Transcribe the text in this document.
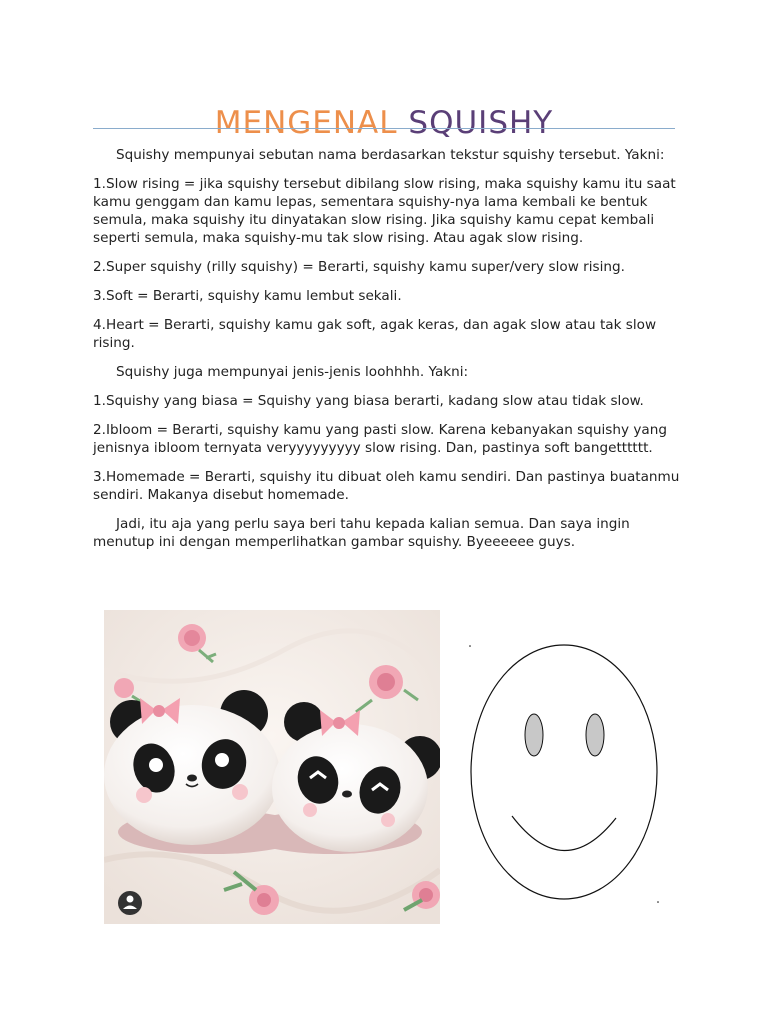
MENGENAL SQUISHY

Squishy mempunyai sebutan nama berdasarkan tekstur squishy tersebut. Yakni:

1.Slow rising = jika squishy tersebut dibilang slow rising, maka squishy kamu itu saat kamu genggam dan kamu lepas, sementara squishy-nya lama kembali ke bentuk semula, maka squishy itu dinyatakan slow rising. Jika squishy kamu cepat kembali seperti semula, maka squishy-mu tak slow rising. Atau agak slow rising.

2.Super squishy (rilly squishy) = Berarti, squishy kamu super/very slow rising.

3.Soft = Berarti, squishy kamu lembut sekali.

4.Heart = Berarti, squishy kamu gak soft, agak keras, dan agak slow atau tak slow rising.

Squishy juga mempunyai jenis-jenis loohhhh. Yakni:

1.Squishy yang biasa = Squishy yang biasa berarti, kadang slow atau tidak slow.

2.Ibloom = Berarti, squishy kamu yang pasti slow. Karena kebanyakan squishy yang jenisnya ibloom ternyata veryyyyyyyyy slow rising. Dan, pastinya soft bangetttttt.

3.Homemade = Berarti, squishy itu dibuat oleh kamu sendiri. Dan pastinya buatanmu sendiri. Makanya disebut homemade.

Jadi, itu aja yang perlu saya beri tahu kepada kalian semua. Dan saya ingin menutup ini dengan memperlihatkan gambar squishy. Byeeeeee guys.
